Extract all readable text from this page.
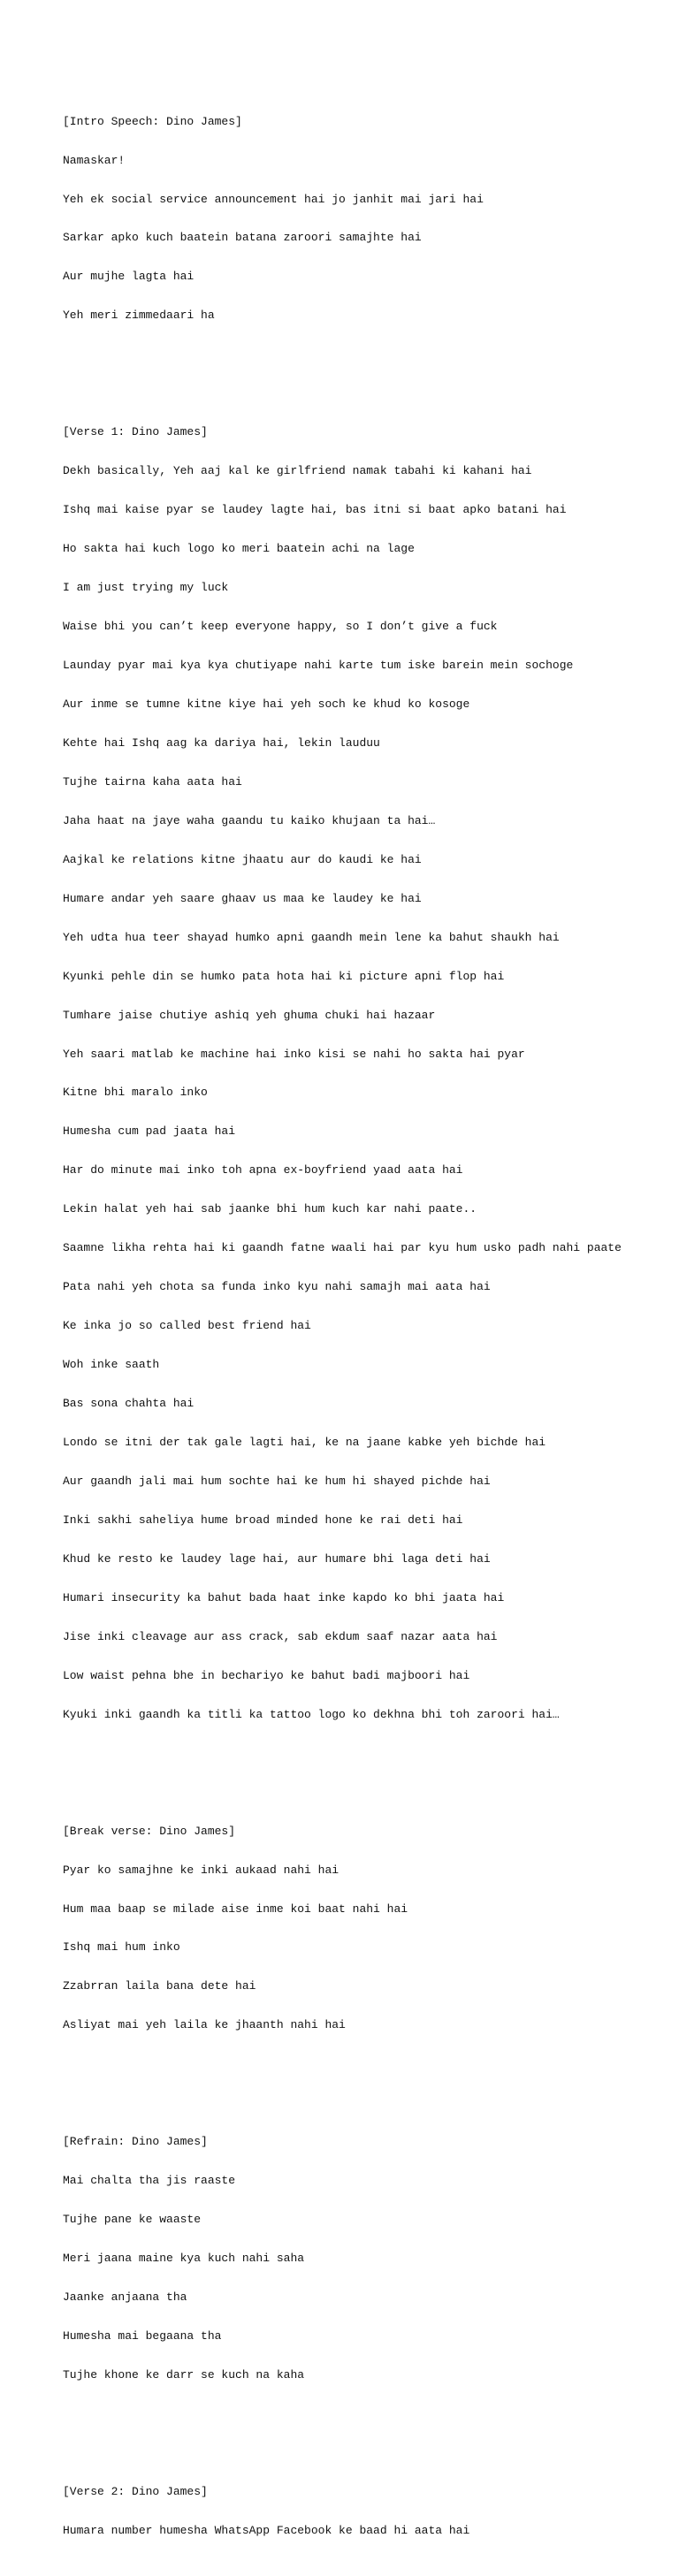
[Intro Speech: Dino James]

Namaskar!

Yeh ek social service announcement hai jo janhit mai jari hai

Sarkar apko kuch baatein batana zaroori samajhte hai

Aur mujhe lagta hai

Yeh meri zimmedaari ha

[Verse 1: Dino James]

Dekh basically, Yeh aaj kal ke girlfriend namak tabahi ki kahani hai

Ishq mai kaise pyar se laudey lagte hai, bas itni si baat apko batani hai

Ho sakta hai kuch logo ko meri baatein achi na lage

I am just trying my luck

Waise bhi you can’t keep everyone happy, so I don’t give a fuck

Launday pyar mai kya kya chutiyape nahi karte tum iske barein mein sochoge

Aur inme se tumne kitne kiye hai yeh soch ke khud ko kosoge

Kehte hai Ishq aag ka dariya hai, lekin lauduu

Tujhe tairna kaha aata hai

Jaha haat na jaye waha gaandu tu kaiko khujaan ta hai…

Aajkal ke relations kitne jhaatu aur do kaudi ke hai

Humare andar yeh saare ghaav us maa ke laudey ke hai

Yeh udta hua teer shayad humko apni gaandh mein lene ka bahut shaukh hai

Kyunki pehle din se humko pata hota hai ki picture apni flop hai

Tumhare jaise chutiye ashiq yeh ghuma chuki hai hazaar

Yeh saari matlab ke machine hai inko kisi se nahi ho sakta hai pyar

Kitne bhi maralo inko

Humesha cum pad jaata hai

Har do minute mai inko toh apna ex-boyfriend yaad aata hai

Lekin halat yeh hai sab jaanke bhi hum kuch kar nahi paate..

Saamne likha rehta hai ki gaandh fatne waali hai par kyu hum usko padh nahi paate

Pata nahi yeh chota sa funda inko kyu nahi samajh mai aata hai

Ke inka jo so called best friend hai

Woh inke saath

Bas sona chahta hai

Londo se itni der tak gale lagti hai, ke na jaane kabke yeh bichde hai

Aur gaandh jali mai hum sochte hai ke hum hi shayed pichde hai

Inki sakhi saheliya hume broad minded hone ke rai deti hai

Khud ke resto ke laudey lage hai, aur humare bhi laga deti hai

Humari insecurity ka bahut bada haat inke kapdo ko bhi jaata hai

Jise inki cleavage aur ass crack, sab ekdum saaf nazar aata hai

Low waist pehna bhe in bechariyo ke bahut badi majboori hai

Kyuki inki gaandh ka titli ka tattoo logo ko dekhna bhi toh zaroori hai…

[Break verse: Dino James]

Pyar ko samajhne ke inki aukaad nahi hai

Hum maa baap se milade aise inme koi baat nahi hai

Ishq mai hum inko

Zzabrran laila bana dete hai

Asliyat mai yeh laila ke jhaanth nahi hai

[Refrain: Dino James]

Mai chalta tha jis raaste

Tujhe pane ke waaste

Meri jaana maine kya kuch nahi saha

Jaanke anjaana tha

Humesha mai begaana tha

Tujhe khone ke darr se kuch na kaha

[Verse 2: Dino James]

Humara number humesha WhatsApp Facebook ke baad hi aata hai
